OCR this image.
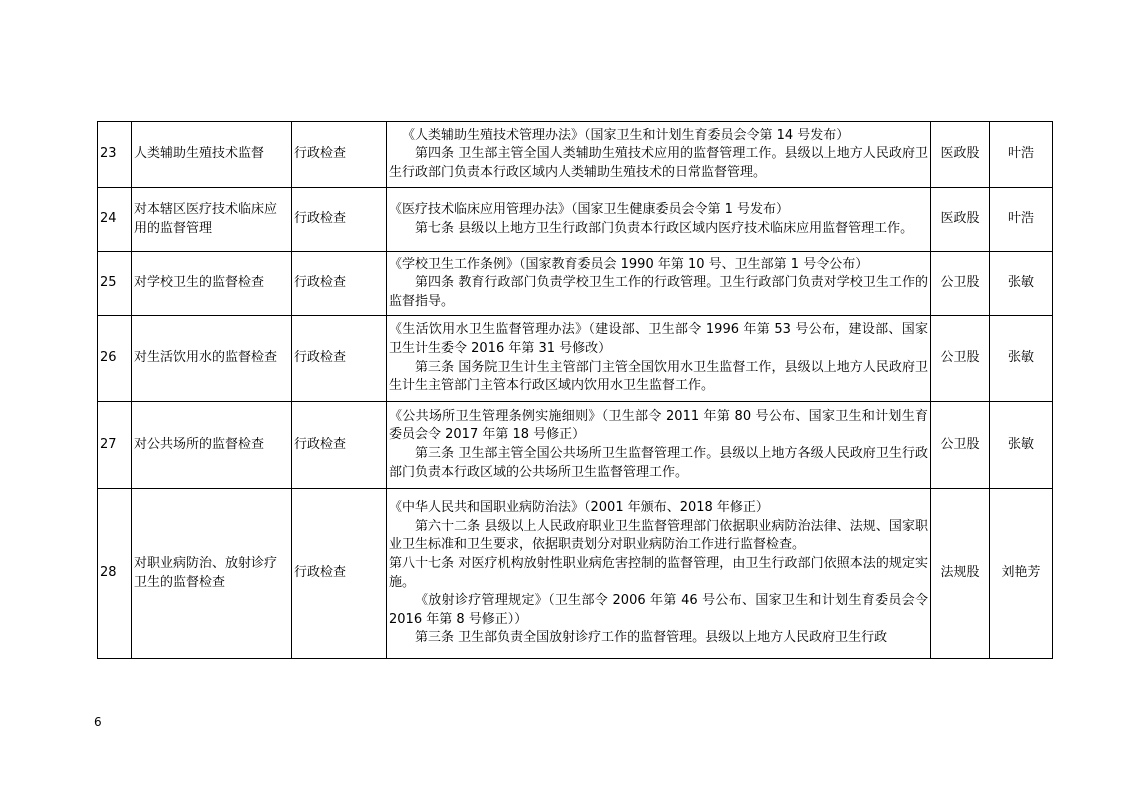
23	人类辅助生殖技术监督	行政检查	《人类辅助生殖技术管理办法》（国家卫生和计划生育委员会令第 14 号发布）
第四条 卫生部主管全国人类辅助生殖技术应用的监督管理工作。县级以上地方人民政府卫生行政部门负责本行政区域内人类辅助生殖技术的日常监督管理。	医政股	叶浩
24	对本辖区医疗技术临床应用的监督管理	行政检查	《医疗技术临床应用管理办法》（国家卫生健康委员会令第 1 号发布）
第七条 县级以上地方卫生行政部门负责本行政区域内医疗技术临床应用监督管理工作。	医政股	叶浩
25	对学校卫生的监督检查	行政检查	《学校卫生工作条例》（国家教育委员会 1990 年第 10 号、卫生部第 1 号令公布）
第四条 教育行政部门负责学校卫生工作的行政管理。卫生行政部门负责对学校卫生工作的监督指导。	公卫股	张敏
26	对生活饮用水的监督检查	行政检查	《生活饮用水卫生监督管理办法》（建设部、卫生部令 1996 年第 53 号公布，建设部、国家卫生计生委令 2016 年第 31 号修改）
第三条 国务院卫生计生主管部门主管全国饮用水卫生监督工作，县级以上地方人民政府卫生计生主管部门主管本行政区域内饮用水卫生监督工作。	公卫股	张敏
27	对公共场所的监督检查	行政检查	《公共场所卫生管理条例实施细则》（卫生部令 2011 年第 80 号公布、国家卫生和计划生育委员会令 2017 年第 18 号修正）
第三条 卫生部主管全国公共场所卫生监督管理工作。县级以上地方各级人民政府卫生行政部门负责本行政区域的公共场所卫生监督管理工作。	公卫股	张敏
28	对职业病防治、放射诊疗卫生的监督检查	行政检查	《中华人民共和国职业病防治法》（2001 年颁布、2018 年修正）
第六十二条 县级以上人民政府职业卫生监督管理部门依据职业病防治法律、法规、国家职业卫生标准和卫生要求，依据职责划分对职业病防治工作进行监督检查。
第八十七条 对医疗机构放射性职业病危害控制的监督管理，由卫生行政部门依照本法的规定实施。
《放射诊疗管理规定》（卫生部令 2006 年第 46 号公布、国家卫生和计划生育委员会令 2016 年第 8 号修正））
第三条 卫生部负责全国放射诊疗工作的监督管理。县级以上地方人民政府卫生行政	法规股	刘艳芳
6
